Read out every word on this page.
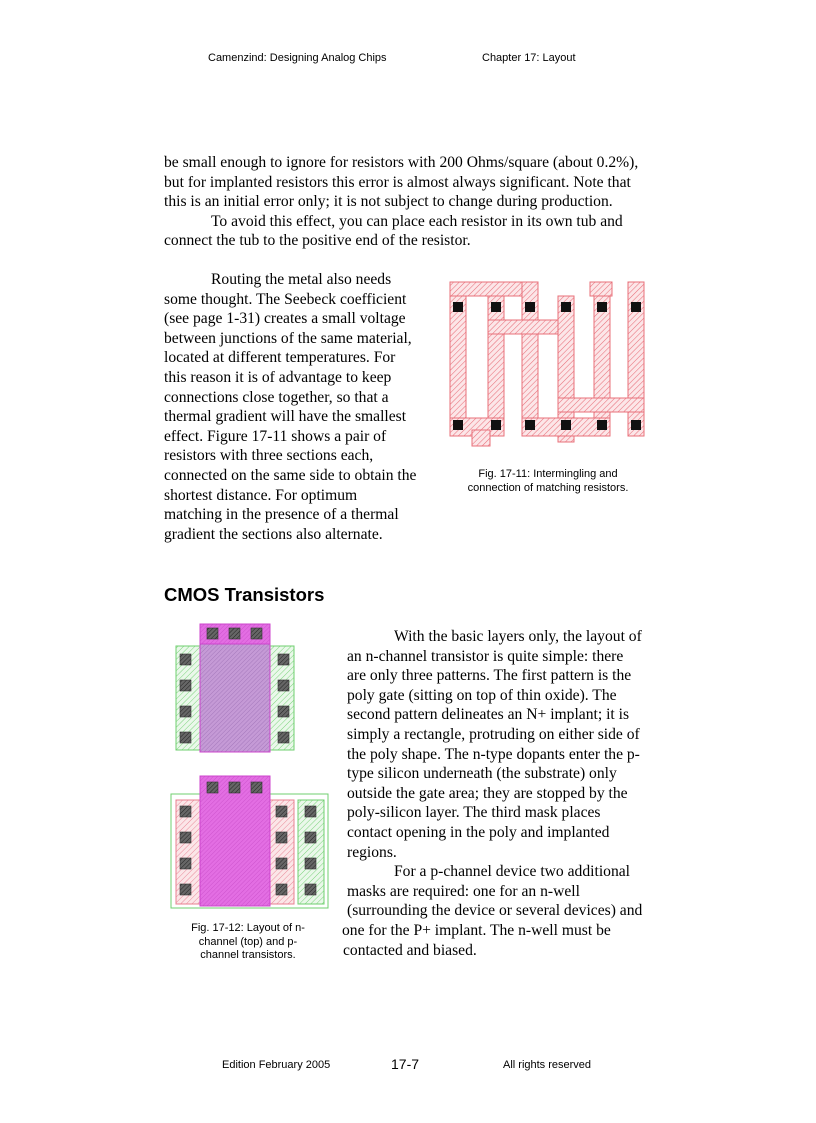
Camenzind: Designing Analog Chips	Chapter 17: Layout
be small enough to ignore for resistors with 200 Ohms/square (about 0.2%),
but for implanted resistors this error is almost always significant. Note that
this is an initial error only; it is not subject to change during production.
To avoid this effect, you can place each resistor in its own tub and
connect the tub to the positive end of the resistor.
Routing the metal also needs
some thought. The Seebeck coefficient
(see page 1-31) creates a small voltage
between junctions of the same material,
located at different temperatures. For
this reason it is of advantage to keep
connections close together, so that a
thermal gradient will have the smallest
effect. Figure 17-11 shows a pair of
resistors with three sections each,
connected on the same side to obtain the
shortest distance. For optimum
matching in the presence of a thermal
gradient the sections also alternate.
Fig. 17-11: Intermingling and
connection of matching resistors.
CMOS Transistors
Fig. 17-12: Layout of n-
channel (top) and p-
channel transistors.
With the basic layers only, the layout of
an n-channel transistor is quite simple: there
are only three patterns. The first pattern is the
poly gate (sitting on top of thin oxide). The
second pattern delineates an N+ implant; it is
simply a rectangle, protruding on either side of
the poly shape. The n-type dopants enter the p-
type silicon underneath (the substrate) only
outside the gate area; they are stopped by the
poly-silicon layer. The third mask places
contact opening in the poly and implanted
regions.
For a p-channel device two additional
masks are required: one for an n-well
(surrounding the device or several devices) and
one for the P+ implant. The n-well must be
contacted and biased.
Edition February 2005	17-7	All rights reserved
